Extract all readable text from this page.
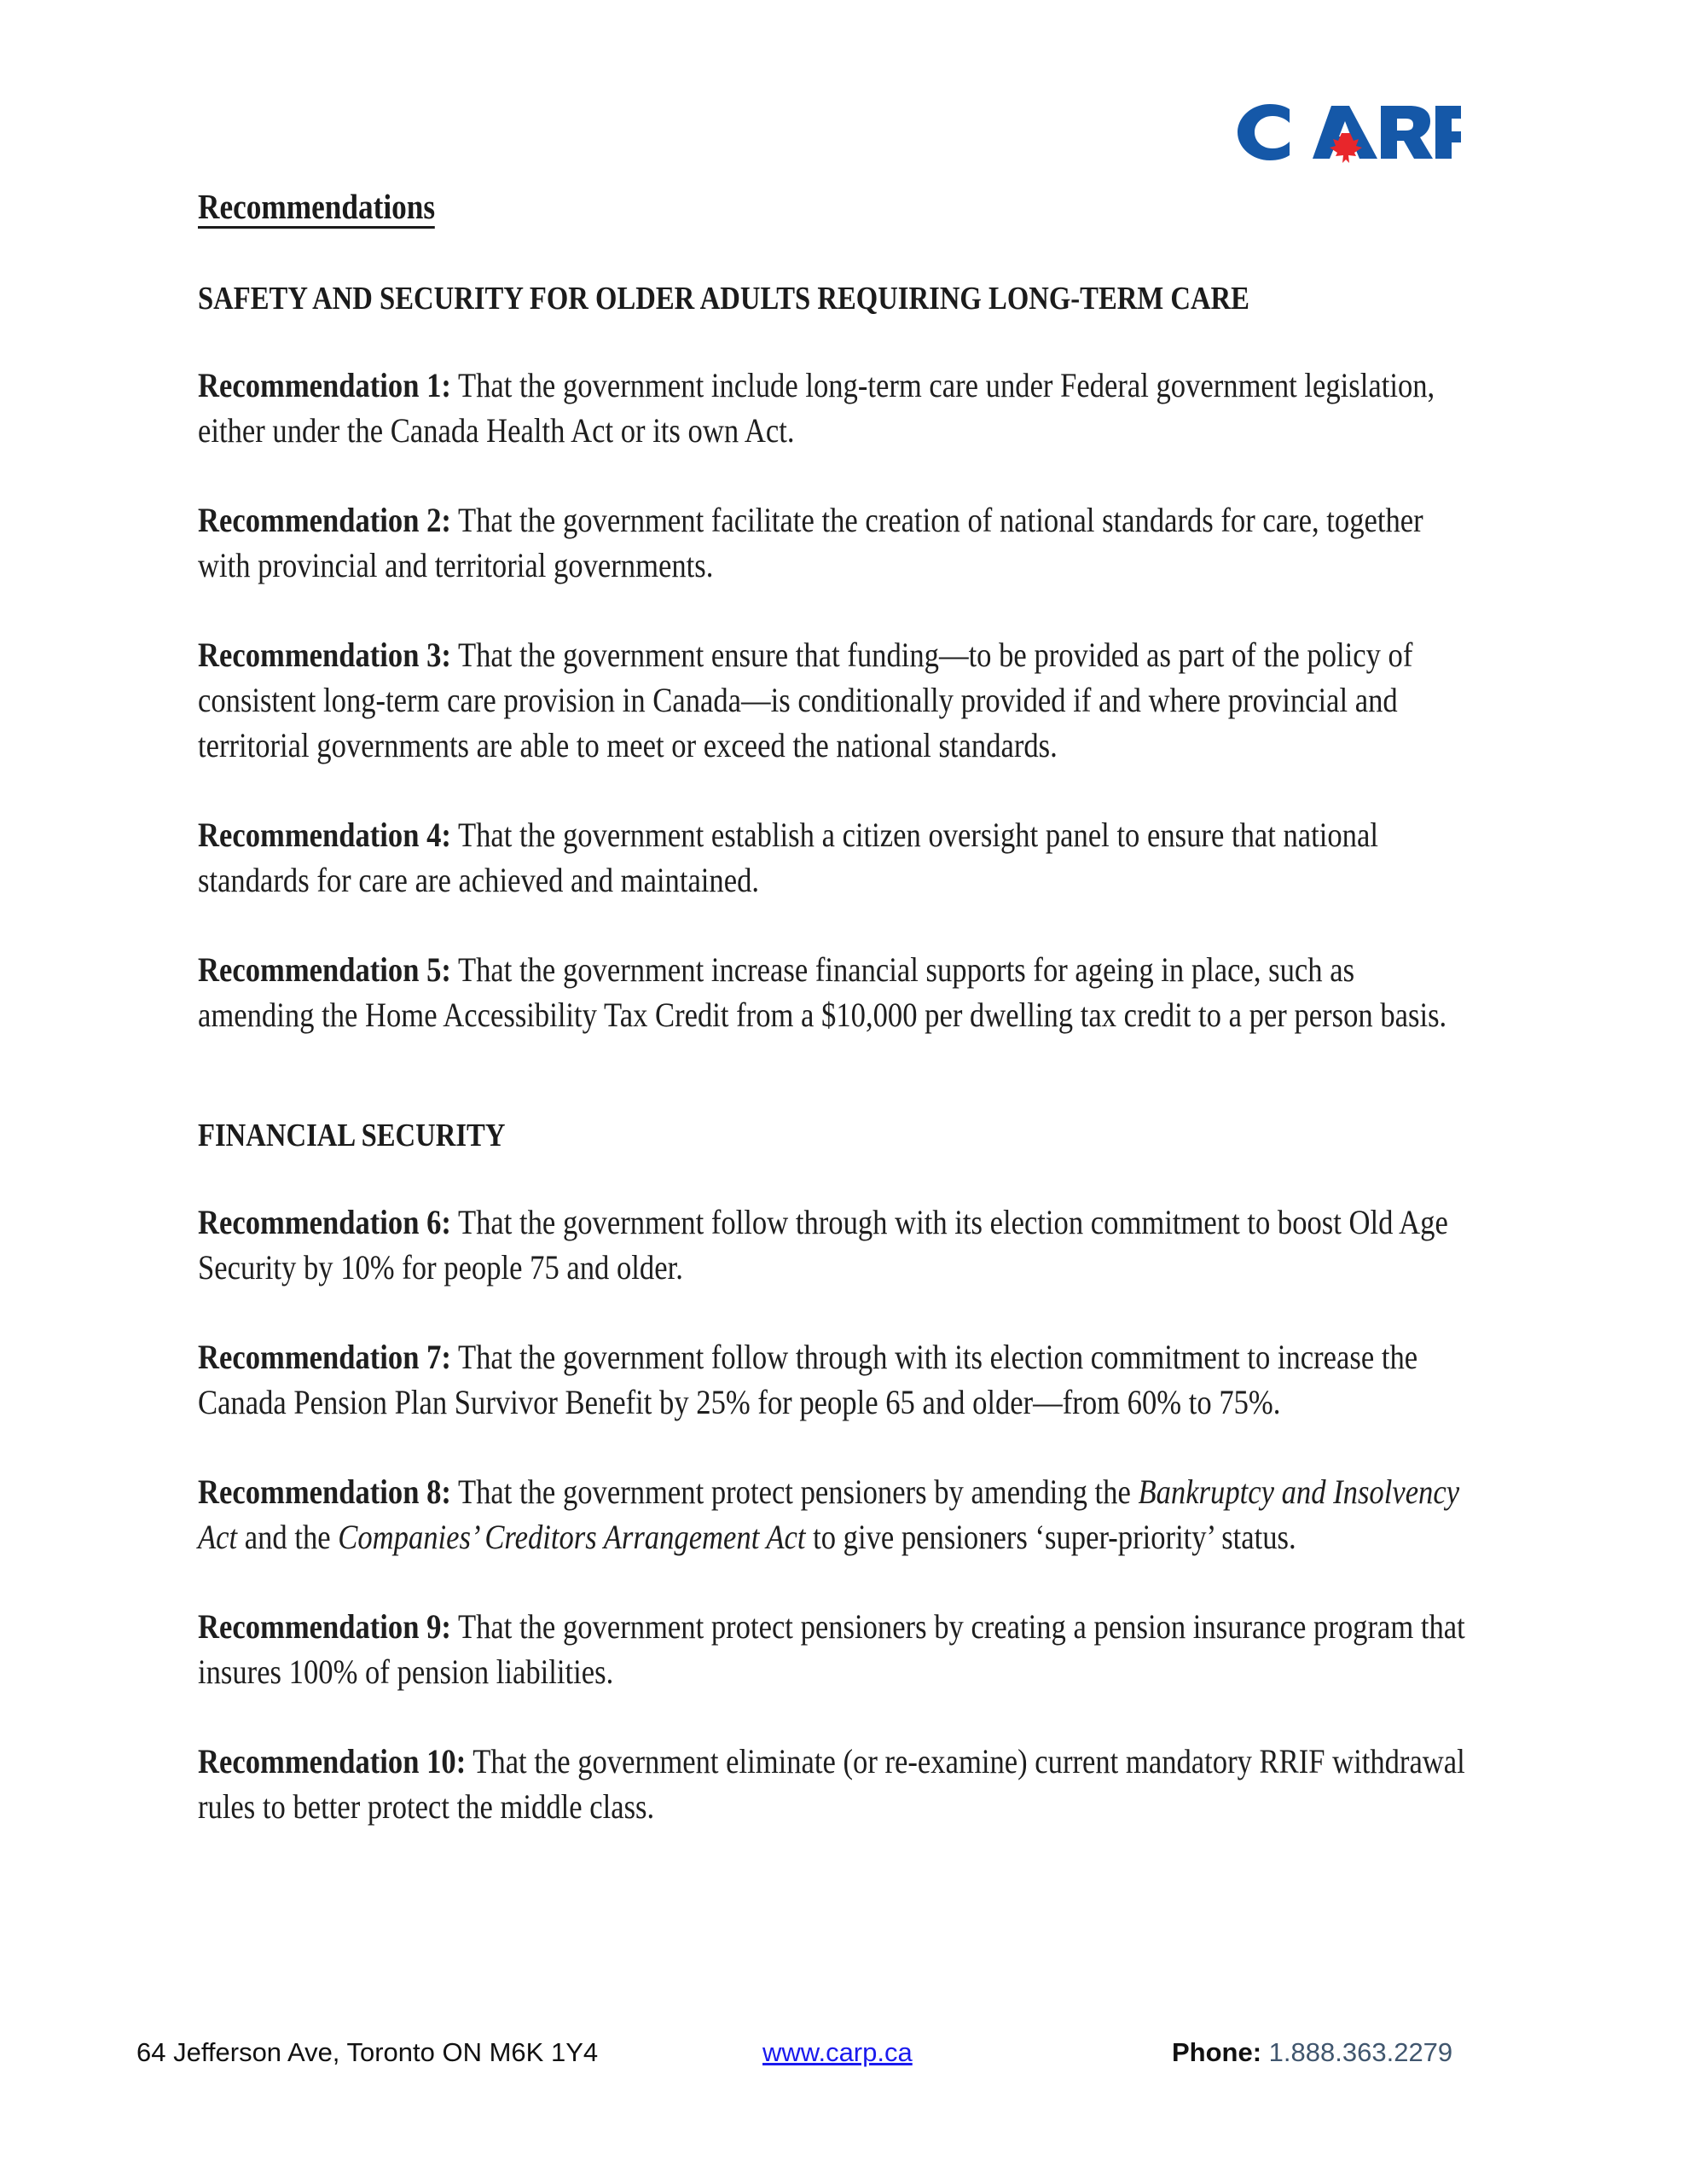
Recommendations
SAFETY AND SECURITY FOR OLDER ADULTS REQUIRING LONG-TERM CARE

Recommendation 1: That the government include long-term care under Federal government legislation, either under the Canada Health Act or its own Act.

Recommendation 2: That the government facilitate the creation of national standards for care, together with provincial and territorial governments.

Recommendation 3: That the government ensure that funding—to be provided as part of the policy of consistent long-term care provision in Canada—is conditionally provided if and where provincial and territorial governments are able to meet or exceed the national standards.

Recommendation 4: That the government establish a citizen oversight panel to ensure that national standards for care are achieved and maintained.

Recommendation 5: That the government increase financial supports for ageing in place, such as amending the Home Accessibility Tax Credit from a $10,000 per dwelling tax credit to a per person basis.

FINANCIAL SECURITY

Recommendation 6: That the government follow through with its election commitment to boost Old Age Security by 10% for people 75 and older.

Recommendation 7: That the government follow through with its election commitment to increase the Canada Pension Plan Survivor Benefit by 25% for people 65 and older—from 60% to 75%.

Recommendation 8: That the government protect pensioners by amending the Bankruptcy and Insolvency Act and the Companies’ Creditors Arrangement Act to give pensioners ‘super-priority’ status.

Recommendation 9: That the government protect pensioners by creating a pension insurance program that insures 100% of pension liabilities.

Recommendation 10: That the government eliminate (or re-examine) current mandatory RRIF withdrawal rules to better protect the middle class.

64 Jefferson Ave, Toronto ON M6K 1Y4	www.carp.ca	Phone: 1.888.363.2279
